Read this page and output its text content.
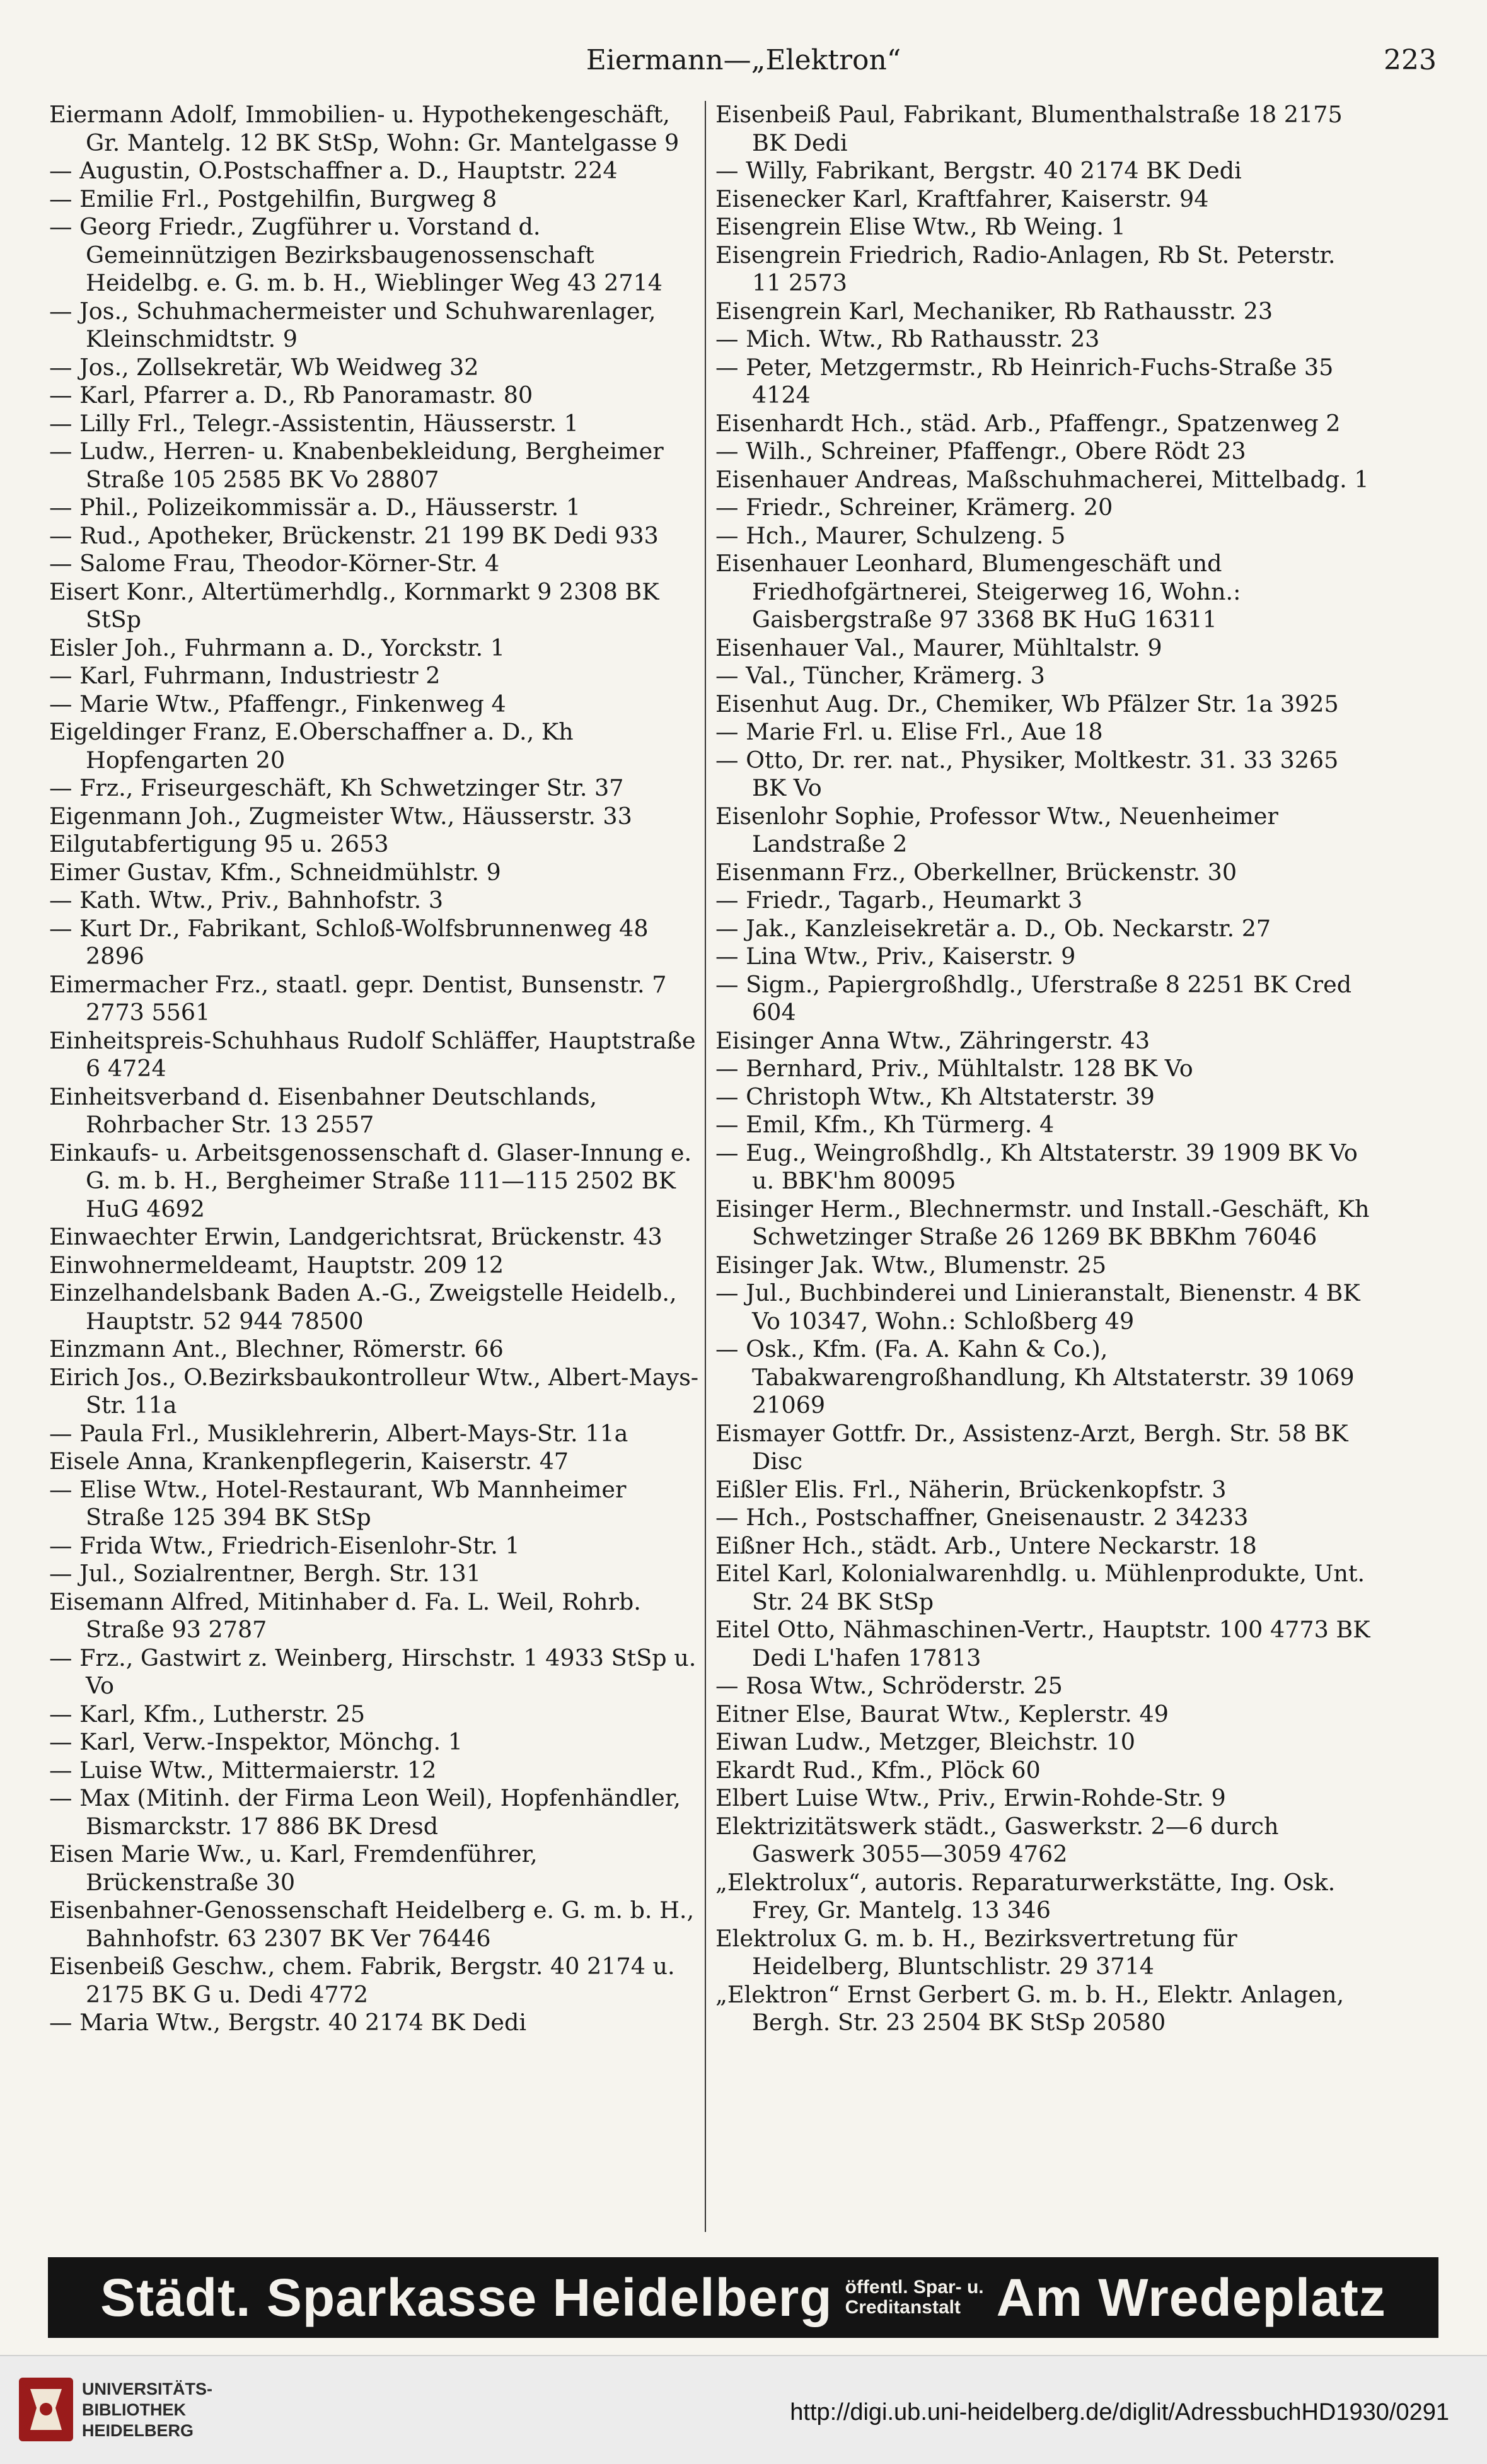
Eiermann—„Elektron“	223
Eiermann Adolf, Immobilien- u. Hypothekengeschäft, Gr. Mantelg. 12 BK StSp, Wohn: Gr. Mantelgasse 9
— Augustin, O.Postschaffner a. D., Hauptstr. 224
— Emilie Frl., Postgehilfin, Burgweg 8
— Georg Friedr., Zugführer u. Vorstand d. Gemeinnützigen Bezirksbaugenossenschaft Heidelbg. e. G. m. b. H., Wieblinger Weg 43 2714
— Jos., Schuhmachermeister und Schuhwarenlager, Kleinschmidtstr. 9
— Jos., Zollsekretär, Wb Weidweg 32
— Karl, Pfarrer a. D., Rb Panoramastr. 80
— Lilly Frl., Telegr.-Assistentin, Häusserstr. 1
— Ludw., Herren- u. Knabenbekleidung, Bergheimer Straße 105 2585 BK Vo 28807
— Phil., Polizeikommissär a. D., Häusserstr. 1
— Rud., Apotheker, Brückenstr. 21 199 BK Dedi 933
— Salome Frau, Theodor-Körner-Str. 4
Eisert Konr., Altertümerhdlg., Kornmarkt 9 2308 BK StSp
Eisler Joh., Fuhrmann a. D., Yorckstr. 1
— Karl, Fuhrmann, Industriestr 2
— Marie Wtw., Pfaffengr., Finkenweg 4
Eigeldinger Franz, E.Oberschaffner a. D., Kh Hopfengarten 20
— Frz., Friseurgeschäft, Kh Schwetzinger Str. 37
Eigenmann Joh., Zugmeister Wtw., Häusserstr. 33
Eilgutabfertigung 95 u. 2653
Eimer Gustav, Kfm., Schneidmühlstr. 9
— Kath. Wtw., Priv., Bahnhofstr. 3
— Kurt Dr., Fabrikant, Schloß-Wolfsbrunnenweg 48 2896
Eimermacher Frz., staatl. gepr. Dentist, Bunsenstr. 7 2773 5561
Einheitspreis-Schuhhaus Rudolf Schläffer, Hauptstraße 6 4724
Einheitsverband d. Eisenbahner Deutschlands, Rohrbacher Str. 13 2557
Einkaufs- u. Arbeitsgenossenschaft d. Glaser-Innung e. G. m. b. H., Bergheimer Straße 111—115 2502 BK HuG 4692
Einwaechter Erwin, Landgerichtsrat, Brückenstr. 43
Einwohnermeldeamt, Hauptstr. 209 12
Einzelhandelsbank Baden A.-G., Zweigstelle Heidelb., Hauptstr. 52 944 78500
Einzmann Ant., Blechner, Römerstr. 66
Eirich Jos., O.Bezirksbaukontrolleur Wtw., Albert-Mays-Str. 11a
— Paula Frl., Musiklehrerin, Albert-Mays-Str. 11a
Eisele Anna, Krankenpflegerin, Kaiserstr. 47
— Elise Wtw., Hotel-Restaurant, Wb Mannheimer Straße 125 394 BK StSp
— Frida Wtw., Friedrich-Eisenlohr-Str. 1
— Jul., Sozialrentner, Bergh. Str. 131
Eisemann Alfred, Mitinhaber d. Fa. L. Weil, Rohrb. Straße 93 2787
— Frz., Gastwirt z. Weinberg, Hirschstr. 1 4933 StSp u. Vo
— Karl, Kfm., Lutherstr. 25
— Karl, Verw.-Inspektor, Mönchg. 1
— Luise Wtw., Mittermaierstr. 12
— Max (Mitinh. der Firma Leon Weil), Hopfenhändler, Bismarckstr. 17 886 BK Dresd
Eisen Marie Ww., u. Karl, Fremdenführer, Brückenstraße 30
Eisenbahner-Genossenschaft Heidelberg e. G. m. b. H., Bahnhofstr. 63 2307 BK Ver 76446
Eisenbeiß Geschw., chem. Fabrik, Bergstr. 40 2174 u. 2175 BK G u. Dedi 4772
— Maria Wtw., Bergstr. 40 2174 BK Dedi
Eisenbeiß Paul, Fabrikant, Blumenthalstraße 18 2175 BK Dedi
— Willy, Fabrikant, Bergstr. 40 2174 BK Dedi
Eisenecker Karl, Kraftfahrer, Kaiserstr. 94
Eisengrein Elise Wtw., Rb Weing. 1
Eisengrein Friedrich, Radio-Anlagen, Rb St. Peterstr. 11 2573
Eisengrein Karl, Mechaniker, Rb Rathausstr. 23
— Mich. Wtw., Rb Rathausstr. 23
— Peter, Metzgermstr., Rb Heinrich-Fuchs-Straße 35 4124
Eisenhardt Hch., städ. Arb., Pfaffengr., Spatzenweg 2
— Wilh., Schreiner, Pfaffengr., Obere Rödt 23
Eisenhauer Andreas, Maßschuhmacherei, Mittelbadg. 1
— Friedr., Schreiner, Krämerg. 20
— Hch., Maurer, Schulzeng. 5
Eisenhauer Leonhard, Blumengeschäft und Friedhofgärtnerei, Steigerweg 16, Wohn.: Gaisbergstraße 97 3368 BK HuG 16311
Eisenhauer Val., Maurer, Mühltalstr. 9
— Val., Tüncher, Krämerg. 3
Eisenhut Aug. Dr., Chemiker, Wb Pfälzer Str. 1a 3925
— Marie Frl. u. Elise Frl., Aue 18
— Otto, Dr. rer. nat., Physiker, Moltkestr. 31. 33 3265 BK Vo
Eisenlohr Sophie, Professor Wtw., Neuenheimer Landstraße 2
Eisenmann Frz., Oberkellner, Brückenstr. 30
— Friedr., Tagarb., Heumarkt 3
— Jak., Kanzleisekretär a. D., Ob. Neckarstr. 27
— Lina Wtw., Priv., Kaiserstr. 9
— Sigm., Papiergroßhdlg., Uferstraße 8 2251 BK Cred 604
Eisinger Anna Wtw., Zähringerstr. 43
— Bernhard, Priv., Mühltalstr. 128 BK Vo
— Christoph Wtw., Kh Altstaterstr. 39
— Emil, Kfm., Kh Türmerg. 4
— Eug., Weingroßhdlg., Kh Altstaterstr. 39 1909 BK Vo u. BBK'hm 80095
Eisinger Herm., Blechnermstr. und Install.-Geschäft, Kh Schwetzinger Straße 26 1269 BK BBKhm 76046
Eisinger Jak. Wtw., Blumenstr. 25
— Jul., Buchbinderei und Linieranstalt, Bienenstr. 4 BK Vo 10347, Wohn.: Schloßberg 49
— Osk., Kfm. (Fa. A. Kahn & Co.), Tabakwarengroßhandlung, Kh Altstaterstr. 39 1069 21069
Eismayer Gottfr. Dr., Assistenz-Arzt, Bergh. Str. 58 BK Disc
Eißler Elis. Frl., Näherin, Brückenkopfstr. 3
— Hch., Postschaffner, Gneisenaustr. 2 34233
Eißner Hch., städt. Arb., Untere Neckarstr. 18
Eitel Karl, Kolonialwarenhdlg. u. Mühlenprodukte, Unt. Str. 24 BK StSp
Eitel Otto, Nähmaschinen-Vertr., Hauptstr. 100 4773 BK Dedi L'hafen 17813
— Rosa Wtw., Schröderstr. 25
Eitner Else, Baurat Wtw., Keplerstr. 49
Eiwan Ludw., Metzger, Bleichstr. 10
Ekardt Rud., Kfm., Plöck 60
Elbert Luise Wtw., Priv., Erwin-Rohde-Str. 9
Elektrizitätswerk städt., Gaswerkstr. 2—6 durch Gaswerk 3055—3059 4762
„Elektrolux“, autoris. Reparaturwerkstätte, Ing. Osk. Frey, Gr. Mantelg. 13 346
Elektrolux G. m. b. H., Bezirksvertretung für Heidelberg, Bluntschlistr. 29 3714
„Elektron“ Ernst Gerbert G. m. b. H., Elektr. Anlagen, Bergh. Str. 23 2504 BK StSp 20580
Städt. Sparkasse Heidelberg öffentl. Spar- u.
Creditanstalt Am Wredeplatz
UNIVERSITÄTS-
BIBLIOTHEK
HEIDELBERG
http://digi.ub.uni-heidelberg.de/diglit/AdressbuchHD1930/0291
